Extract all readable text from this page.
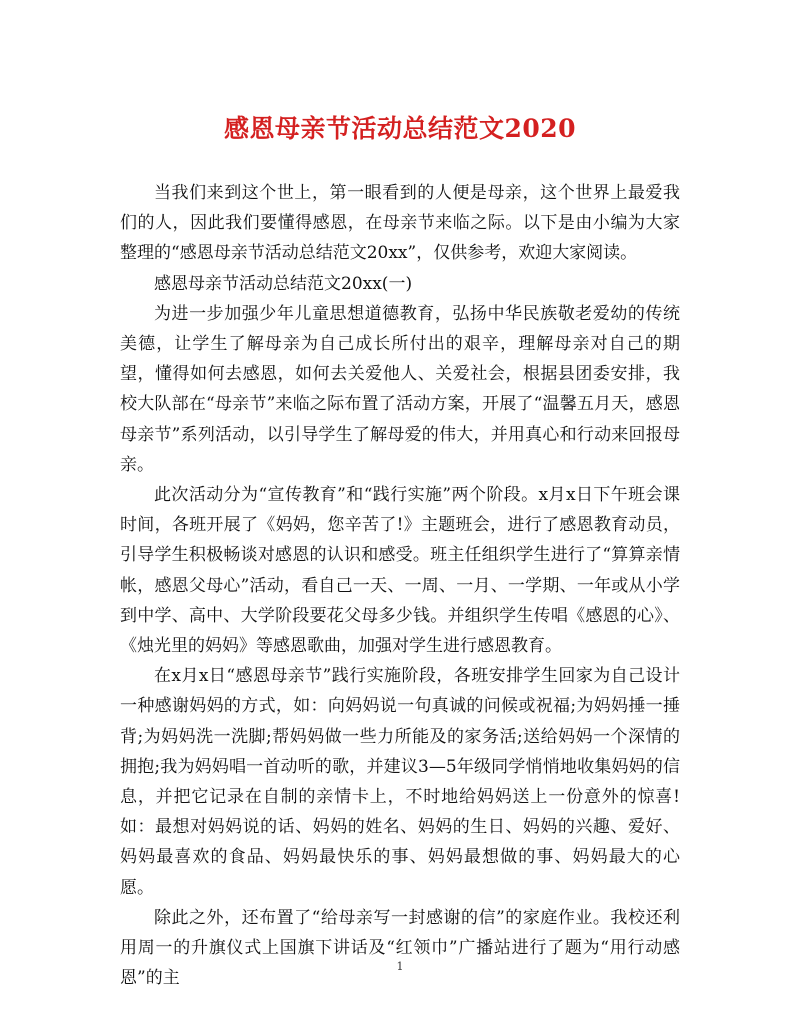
感恩母亲节活动总结范文2020

当我们来到这个世上，第一眼看到的人便是母亲，这个世界上最爱我们的人，因此我们要懂得感恩，在母亲节来临之际。以下是由小编为大家整理的“感恩母亲节活动总结范文20xx”，仅供参考，欢迎大家阅读。

感恩母亲节活动总结范文20xx(一)

为进一步加强少年儿童思想道德教育，弘扬中华民族敬老爱幼的传统美德，让学生了解母亲为自己成长所付出的艰辛，理解母亲对自己的期望，懂得如何去感恩，如何去关爱他人、关爱社会，根据县团委安排，我校大队部在“母亲节”来临之际布置了活动方案，开展了“温馨五月天，感恩母亲节”系列活动，以引导学生了解母爱的伟大，并用真心和行动来回报母亲。

此次活动分为“宣传教育”和“践行实施”两个阶段。x月x日下午班会课时间，各班开展了《妈妈，您辛苦了!》主题班会，进行了感恩教育动员，引导学生积极畅谈对感恩的认识和感受。班主任组织学生进行了“算算亲情帐，感恩父母心”活动，看自己一天、一周、一月、一学期、一年或从小学到中学、高中、大学阶段要花父母多少钱。并组织学生传唱《感恩的心》、《烛光里的妈妈》等感恩歌曲，加强对学生进行感恩教育。

在x月x日“感恩母亲节”践行实施阶段，各班安排学生回家为自己设计一种感谢妈妈的方式，如：向妈妈说一句真诚的问候或祝福;为妈妈捶一捶背;为妈妈洗一洗脚;帮妈妈做一些力所能及的家务活;送给妈妈一个深情的拥抱;我为妈妈唱一首动听的歌，并建议3—5年级同学悄悄地收集妈妈的信息，并把它记录在自制的亲情卡上，不时地给妈妈送上一份意外的惊喜!如：最想对妈妈说的话、妈妈的姓名、妈妈的生日、妈妈的兴趣、爱好、妈妈最喜欢的食品、妈妈最快乐的事、妈妈最想做的事、妈妈最大的心愿。

除此之外，还布置了“给母亲写一封感谢的信”的家庭作业。我校还利用周一的升旗仪式上国旗下讲话及“红领巾”广播站进行了题为“用行动感恩”的主

1
